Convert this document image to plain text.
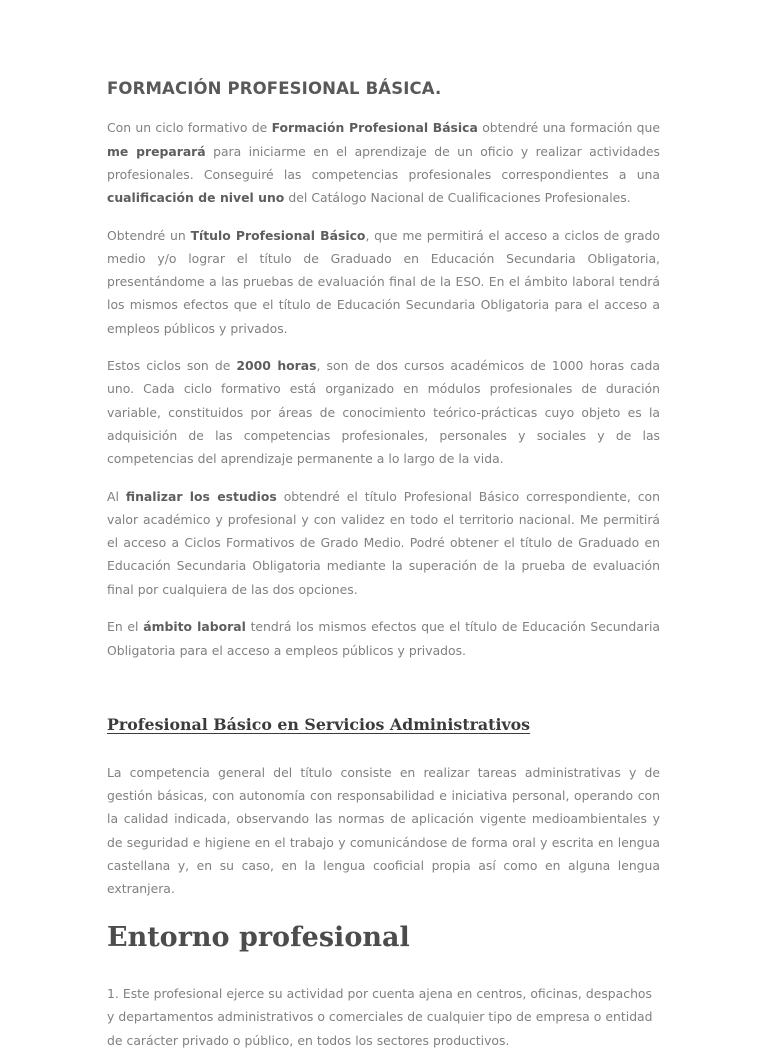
FORMACIÓN PROFESIONAL BÁSICA.

Con un ciclo formativo de Formación Profesional Básica obtendré una formación que me preparará para iniciarme en el aprendizaje de un oficio y realizar actividades profesionales. Conseguiré las competencias profesionales correspondientes a una cualificación de nivel uno del Catálogo Nacional de Cualificaciones Profesionales.

Obtendré un Título Profesional Básico, que me permitirá el acceso a ciclos de grado medio y/o lograr el título de Graduado en Educación Secundaria Obligatoria, presentándome a las pruebas de evaluación final de la ESO. En el ámbito laboral tendrá los mismos efectos que el título de Educación Secundaria Obligatoria para el acceso a empleos públicos y privados.

Estos ciclos son de 2000 horas, son de dos cursos académicos de 1000 horas cada uno. Cada ciclo formativo está organizado en módulos profesionales de duración variable, constituidos por áreas de conocimiento teórico-prácticas cuyo objeto es la adquisición de las competencias profesionales, personales y sociales y de las competencias del aprendizaje permanente a lo largo de la vida.

Al finalizar los estudios obtendré el título Profesional Básico correspondiente, con valor académico y profesional y con validez en todo el territorio nacional. Me permitirá el acceso a Ciclos Formativos de Grado Medio. Podré obtener el título de Graduado en Educación Secundaria Obligatoria mediante la superación de la prueba de evaluación final por cualquiera de las dos opciones.

En el ámbito laboral tendrá los mismos efectos que el título de Educación Secundaria Obligatoria para el acceso a empleos públicos y privados.

Profesional Básico en Servicios Administrativos

La competencia general del título consiste en realizar tareas administrativas y de gestión básicas, con autonomía con responsabilidad e iniciativa personal, operando con la calidad indicada, observando las normas de aplicación vigente medioambientales y de seguridad e higiene en el trabajo y comunicándose de forma oral y escrita en lengua castellana y, en su caso, en la lengua cooficial propia así como en alguna lengua extranjera.

Entorno profesional

1. Este profesional ejerce su actividad por cuenta ajena en centros, oficinas, despachos y departamentos administrativos o comerciales de cualquier tipo de empresa o entidad de carácter privado o público, en todos los sectores productivos.
